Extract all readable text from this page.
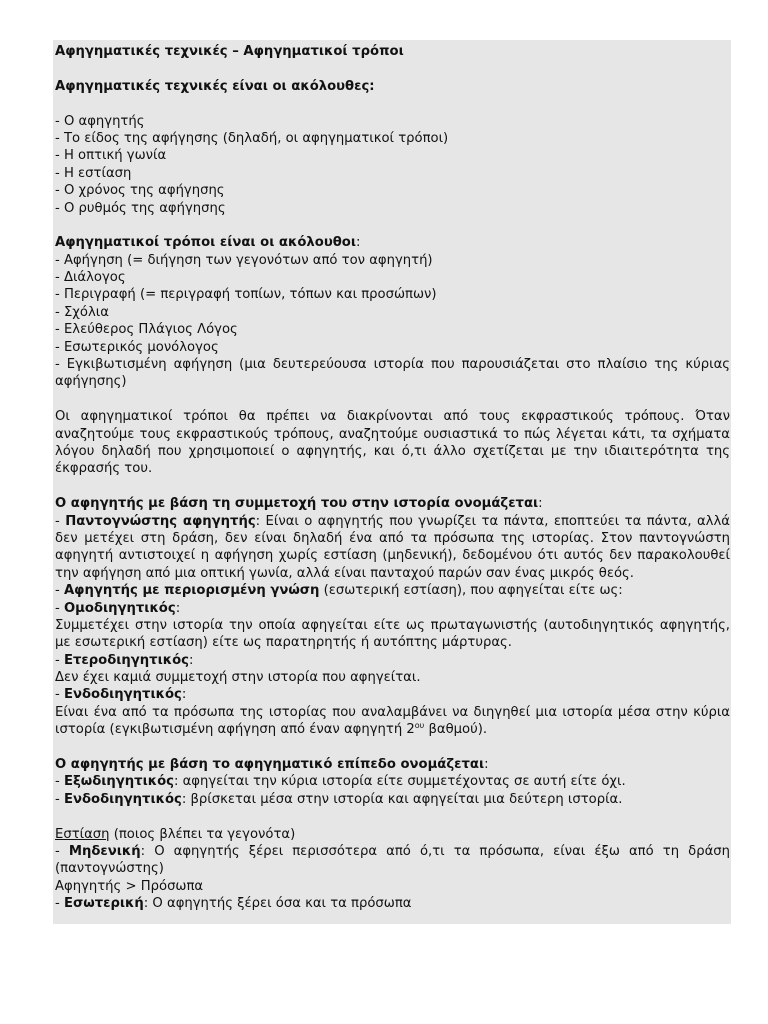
Αφηγηματικές τεχνικές – Αφηγηματικοί τρόποι
Αφηγηματικές τεχνικές είναι οι ακόλουθες:
- Ο αφηγητής
- Το είδος της αφήγησης (δηλαδή, οι αφηγηματικοί τρόποι)
- Η οπτική γωνία
- Η εστίαση
- Ο χρόνος της αφήγησης
- Ο ρυθμός της αφήγησης
Αφηγηματικοί τρόποι είναι οι ακόλουθοι:
- Αφήγηση (= διήγηση των γεγονότων από τον αφηγητή)
- Διάλογος
- Περιγραφή (= περιγραφή τοπίων, τόπων και προσώπων)
- Σχόλια
- Ελεύθερος Πλάγιος Λόγος
- Εσωτερικός μονόλογος
- Εγκιβωτισμένη αφήγηση (μια δευτερεύουσα ιστορία που παρουσιάζεται στο πλαίσιο της κύριας
αφήγησης)
Οι αφηγηματικοί τρόποι θα πρέπει να διακρίνονται από τους εκφραστικούς τρόπους. Όταν
αναζητούμε τους εκφραστικούς τρόπους, αναζητούμε ουσιαστικά το πώς λέγεται κάτι, τα σχήματα
λόγου δηλαδή που χρησιμοποιεί ο αφηγητής, και ό,τι άλλο σχετίζεται με την ιδιαιτερότητα της
έκφρασής του.
Ο αφηγητής με βάση τη συμμετοχή του στην ιστορία ονομάζεται:
- Παντογνώστης αφηγητής: Είναι ο αφηγητής που γνωρίζει τα πάντα, εποπτεύει τα πάντα, αλλά
δεν μετέχει στη δράση, δεν είναι δηλαδή ένα από τα πρόσωπα της ιστορίας. Στον παντογνώστη
αφηγητή αντιστοιχεί η αφήγηση χωρίς εστίαση (μηδενική), δεδομένου ότι αυτός δεν παρακολουθεί
την αφήγηση από μια οπτική γωνία, αλλά είναι πανταχού παρών σαν ένας μικρός θεός.
- Αφηγητής με περιορισμένη γνώση (εσωτερική εστίαση), που αφηγείται είτε ως:
- Ομοδιηγητικός:
Συμμετέχει στην ιστορία την οποία αφηγείται είτε ως πρωταγωνιστής (αυτοδιηγητικός αφηγητής,
με εσωτερική εστίαση) είτε ως παρατηρητής ή αυτόπτης μάρτυρας.
- Ετεροδιηγητικός:
Δεν έχει καμιά συμμετοχή στην ιστορία που αφηγείται.
- Ενδοδιηγητικός:
Είναι ένα από τα πρόσωπα της ιστορίας που αναλαμβάνει να διηγηθεί μια ιστορία μέσα στην κύρια
ιστορία (εγκιβωτισμένη αφήγηση από έναν αφηγητή $2^{o\upsilon}$ βαθμού).
Ο αφηγητής με βάση το αφηγηματικό επίπεδο ονομάζεται:
- Εξωδιηγητικός: αφηγείται την κύρια ιστορία είτε συμμετέχοντας σε αυτή είτε όχι.
- Ενδοδιηγητικός: βρίσκεται μέσα στην ιστορία και αφηγείται μια δεύτερη ιστορία.
Εστίαση (ποιος βλέπει τα γεγονότα)
- Μηδενική: Ο αφηγητής ξέρει περισσότερα από ό,τι τα πρόσωπα, είναι έξω από τη δράση
(παντογνώστης)
Αφηγητής > Πρόσωπα
- Εσωτερική: Ο αφηγητής ξέρει όσα και τα πρόσωπα
